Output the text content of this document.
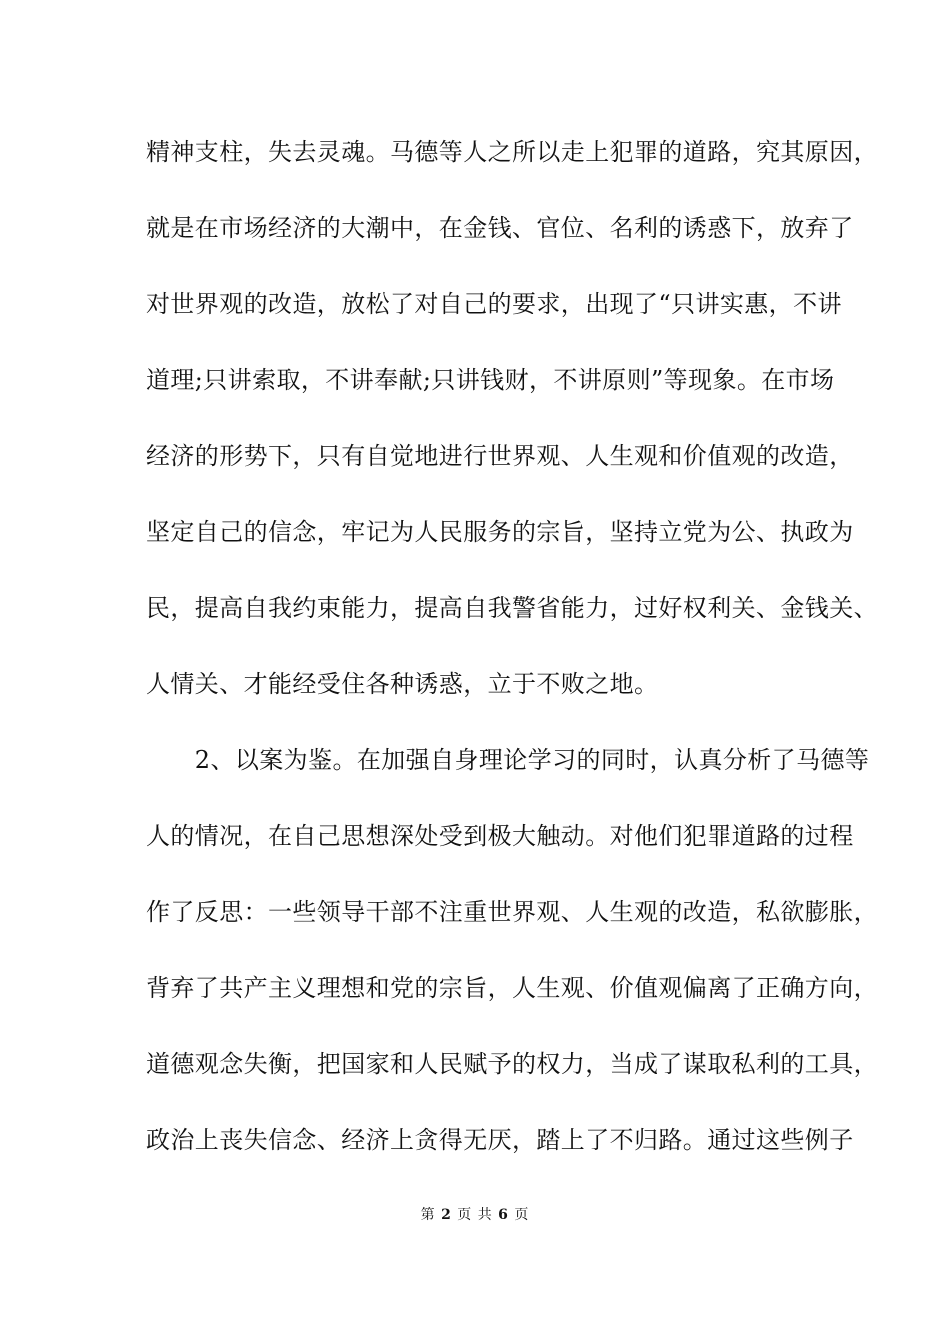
精神支柱，失去灵魂。马德等人之所以走上犯罪的道路，究其原因，
就是在市场经济的大潮中，在金钱、官位、名利的诱惑下，放弃了
对世界观的改造，放松了对自己的要求，出现了“只讲实惠，不讲
道理;只讲索取，不讲奉献;只讲钱财，不讲原则”等现象。在市场
经济的形势下，只有自觉地进行世界观、人生观和价值观的改造，
坚定自己的信念，牢记为人民服务的宗旨，坚持立党为公、执政为
民，提高自我约束能力，提高自我警省能力，过好权利关、金钱关、
人情关、才能经受住各种诱惑，立于不败之地。
　　2、以案为鉴。在加强自身理论学习的同时，认真分析了马德等
人的情况，在自己思想深处受到极大触动。对他们犯罪道路的过程
作了反思：一些领导干部不注重世界观、人生观的改造，私欲膨胀，
背弃了共产主义理想和党的宗旨，人生观、价值观偏离了正确方向，
道德观念失衡，把国家和人民赋予的权力，当成了谋取私利的工具，
政治上丧失信念、经济上贪得无厌，踏上了不归路。通过这些例子
第 2 页 共 6 页
